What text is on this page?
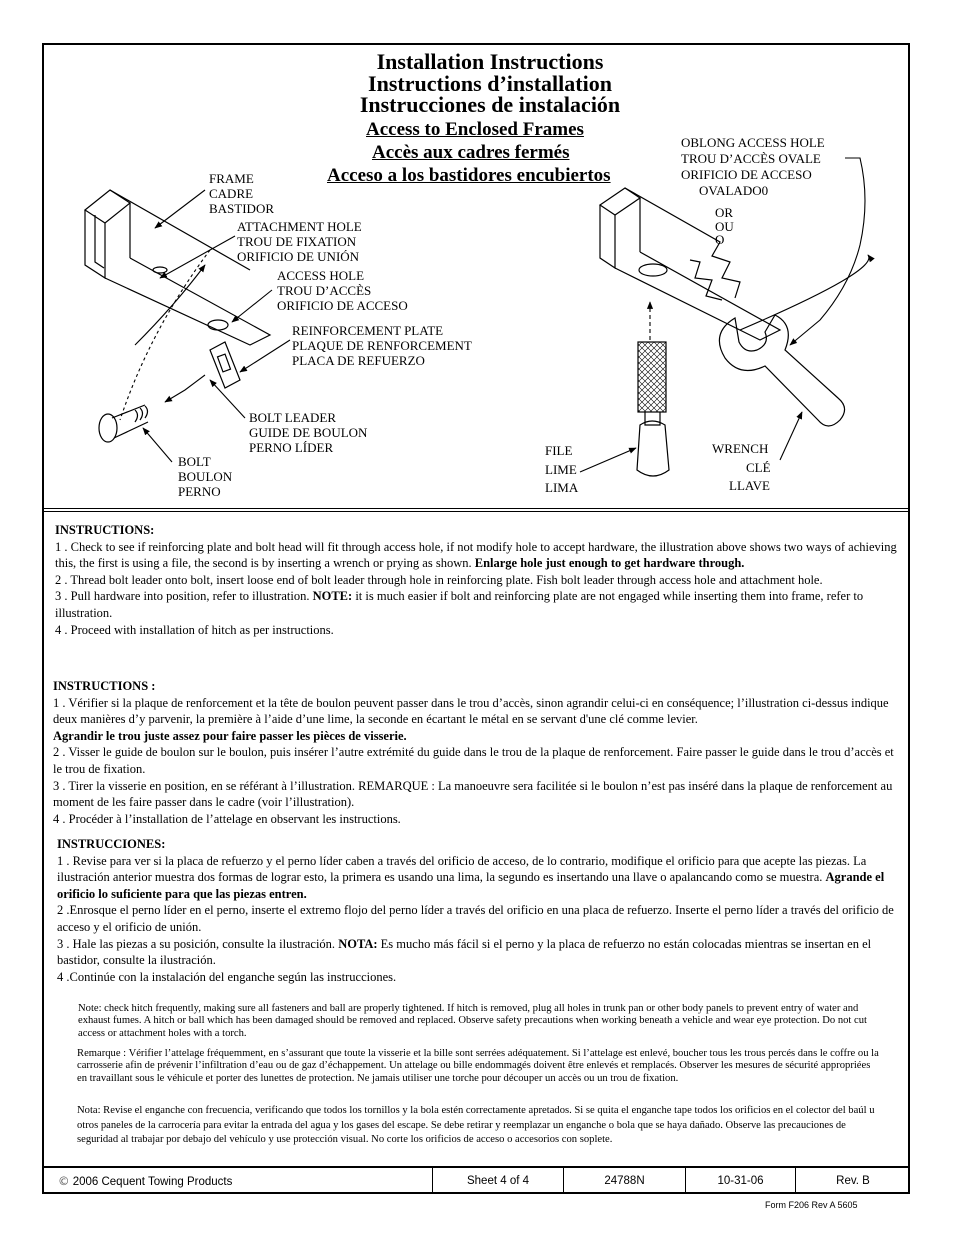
Installation Instructions
Instructions d’installation
Instrucciones de instalación
Access to Enclosed Frames
Accès aux cadres fermés
Acceso a los bastidores encubiertos
FRAME
CADRE
BASTIDOR
ATTACHMENT HOLE
TROU DE FIXATION
ORIFICIO DE UNIÓN
ACCESS HOLE
TROU D’ACCÈS
ORIFICIO DE ACCESO
REINFORCEMENT PLATE
PLAQUE DE RENFORCEMENT
PLACA DE REFUERZO
BOLT LEADER
GUIDE DE BOULON
PERNO LÍDER
BOLT
BOULON
PERNO
OBLONG ACCESS HOLE
TROU D’ACCÈS OVALE
ORIFICIO DE ACCESO
OVALADO0
OR
OU
O
FILE
LIME
LIMA
WRENCH
CLÉ
LLAVE

INSTRUCTIONS:

1 . Check to see if reinforcing plate and bolt head will fit through access hole, if not modify hole to accept hardware, the illustration above shows two ways of achieving this, the first is using a file, the second is by inserting a wrench or prying as shown. Enlarge hole just enough to get hardware through.

2 . Thread bolt leader onto bolt, insert loose end of bolt leader through hole in reinforcing plate. Fish bolt leader through access hole and attachment hole.

3 . Pull hardware into position, refer to illustration. NOTE: it is much easier if bolt and reinforcing plate are not engaged while inserting them into frame, refer to illustration.

4 . Proceed with installation of hitch as per instructions.

INSTRUCTIONS :

1 . Vérifier si la plaque de renforcement et la tête de boulon peuvent passer dans le trou d’accès, sinon agrandir celui-ci en conséquence; l’illustration ci-dessus indique deux manières d’y parvenir, la première à l’aide d’une lime, la seconde en écartant le métal en se servant d'une clé comme levier.
Agrandir le trou juste assez pour faire passer les pièces de visserie.

2 . Visser le guide de boulon sur le boulon, puis insérer l’autre extrémité du guide dans le trou de la plaque de renforcement. Faire passer le guide dans le trou d’accès et le trou de fixation.

3 . Tirer la visserie en position, en se référant à l’illustration. REMARQUE : La manoeuvre sera facilitée si le boulon n’est pas inséré dans la plaque de renforcement au moment de les faire passer dans le cadre (voir l’illustration).

4 . Procéder à l’installation de l’attelage en observant les instructions.

INSTRUCCIONES:

1 . Revise para ver si la placa de refuerzo y el perno líder caben a través del orificio de acceso, de lo contrario, modifique el orificio para que acepte las piezas. La ilustración anterior muestra dos formas de lograr esto, la primera es usando una lima, la segundo es insertando una llave o apalancando como se muestra. Agrande el orificio lo suficiente para que las piezas entren.

2 .Enrosque el perno líder en el perno, inserte el extremo flojo del perno líder a través del orificio en una placa de refuerzo. Inserte el perno líder a través del orificio de acceso y el orificio de unión.

3 . Hale las piezas a su posición, consulte la ilustración. NOTA: Es mucho más fácil si el perno y la placa de refuerzo no están colocadas mientras se insertan en el bastidor, consulte la ilustración.

4 .Continúe con la instalación del enganche según las instrucciones.

Note: check hitch frequently, making sure all fasteners and ball are properly tightened. If hitch is removed, plug all holes in trunk pan or other body panels to prevent entry of water and exhaust fumes. A hitch or ball which has been damaged should be removed and replaced. Observe safety precautions when working beneath a vehicle and wear eye protection. Do not cut access or attachment holes with a torch.
Remarque : Vérifier l’attelage fréquemment, en s’assurant que toute la visserie et la bille sont serrées adéquatement. Si l’attelage est enlevé, boucher tous les trous percés dans le coffre ou la carrosserie afin de prévenir l’infiltration d’eau ou de gaz d’échappement. Un attelage ou bille endommagés doivent être enlevés et remplacés. Observer les mesures de sécurité appropriées en travaillant sous le véhicule et porter des lunettes de protection. Ne jamais utiliser une torche pour découper un accès ou un trou de fixation.
Nota: Revise el enganche con frecuencia, verificando que todos los tornillos y la bola estén correctamente apretados. Si se quita el enganche tape todos los orificios en el colector del baúl u otros paneles de la carrocería para evitar la entrada del agua y los gases del escape. Se debe retirar y reemplazar un enganche o bola que se haya dañado. Observe las precauciones de seguridad al trabajar por debajo del vehículo y use protección visual. No corte los orificios de acceso o accesorios con soplete.
© 2006 Cequent Towing Products	Sheet 4 of 4	24788N	10-31-06	Rev. B
Form F206 Rev A 5605
